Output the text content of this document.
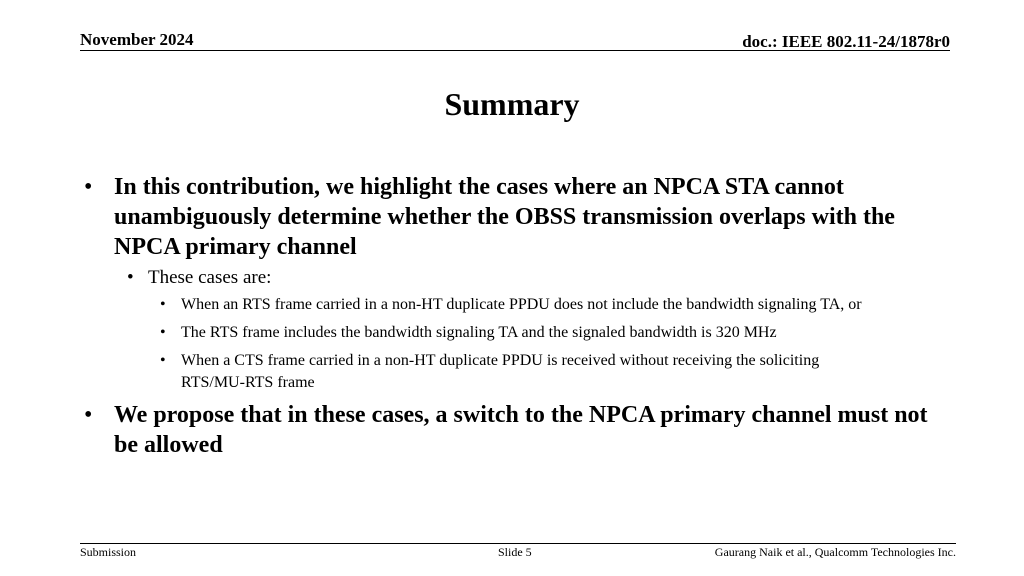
November 2024	doc.: IEEE 802.11-24/1878r0
Summary
• In this contribution, we highlight the cases where an NPCA STA cannot unambiguously determine whether the OBSS transmission overlaps with the NPCA primary channel
• These cases are:
• When an RTS frame carried in a non-HT duplicate PPDU does not include the bandwidth signaling TA, or
• The RTS frame includes the bandwidth signaling TA and the signaled bandwidth is 320 MHz
• When a CTS frame carried in a non-HT duplicate PPDU is received without receiving the soliciting RTS/MU-RTS frame
• We propose that in these cases, a switch to the NPCA primary channel must not be allowed
Submission	Slide 5	Gaurang Naik et al., Qualcomm Technologies Inc.
